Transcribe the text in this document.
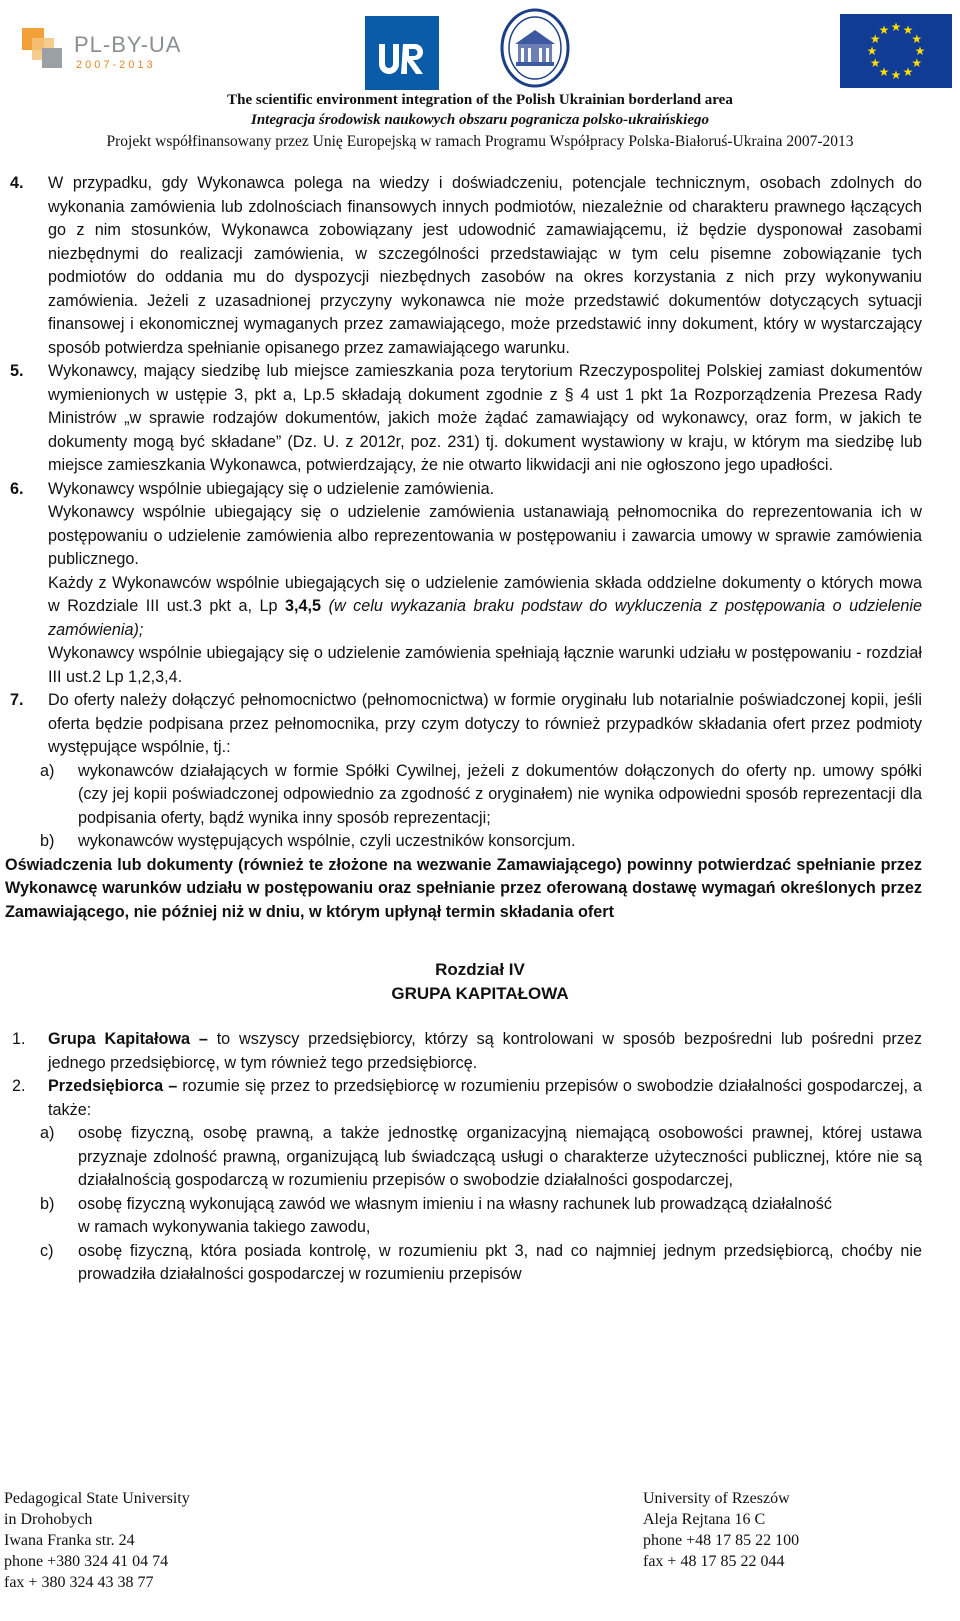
PL-BY-UA
2007-2013
★ ★
★
★
★
★
★
★
★
★
★
★
The scientific environment integration of the Polish Ukrainian borderland area
Integracja środowisk naukowych obszaru pogranicza polsko-ukraińskiego
Projekt współfinansowany przez Unię Europejską w ramach Programu Współpracy Polska-Białoruś-Ukraina 2007-2013
4. W przypadku, gdy Wykonawca polega na wiedzy i doświadczeniu, potencjale technicznym, osobach zdolnych do wykonania zamówienia lub zdolnościach finansowych innych podmiotów, niezależnie od charakteru prawnego łączących go z nim stosunków, Wykonawca zobowiązany jest udowodnić zamawiającemu, iż będzie dysponował zasobami niezbędnymi do realizacji zamówienia, w szczególności przedstawiając w tym celu pisemne zobowiązanie tych podmiotów do oddania mu do dyspozycji niezbędnych zasobów na okres korzystania z nich przy wykonywaniu zamówienia. Jeżeli z uzasadnionej przyczyny wykonawca nie może przedstawić dokumentów dotyczących sytuacji finansowej i ekonomicznej wymaganych przez zamawiającego, może przedstawić inny dokument, który w wystarczający sposób potwierdza spełnianie opisanego przez zamawiającego warunku.

5. Wykonawcy, mający siedzibę lub miejsce zamieszkania poza terytorium Rzeczypospolitej Polskiej zamiast dokumentów wymienionych w ustępie 3, pkt a, Lp.5 składają dokument zgodnie z § 4 ust 1 pkt 1a Rozporządzenia Prezesa Rady Ministrów „w sprawie rodzajów dokumentów, jakich może żądać zamawiający od wykonawcy, oraz form, w jakich te dokumenty mogą być składane” (Dz. U. z 2012r, poz. 231) tj. dokument wystawiony w kraju, w którym ma siedzibę lub miejsce zamieszkania Wykonawca, potwierdzający, że nie otwarto likwidacji ani nie ogłoszono jego upadłości.

6. Wykonawcy wspólnie ubiegający się o udzielenie zamówienia.

Wykonawcy wspólnie ubiegający się o udzielenie zamówienia ustanawiają pełnomocnika do reprezentowania ich w postępowaniu o udzielenie zamówienia albo reprezentowania w postępowaniu i zawarcia umowy w sprawie zamówienia publicznego.

Każdy z Wykonawców wspólnie ubiegających się o udzielenie zamówienia składa oddzielne dokumenty o których mowa w Rozdziale III ust.3 pkt a, Lp 3,4,5 (w celu wykazania braku podstaw do wykluczenia z postępowania o udzielenie zamówienia);

Wykonawcy wspólnie ubiegający się o udzielenie zamówienia spełniają łącznie warunki udziału w postępowaniu - rozdział III ust.2 Lp 1,2,3,4.

7. Do oferty należy dołączyć pełnomocnictwo (pełnomocnictwa) w formie oryginału lub notarialnie poświadczonej kopii, jeśli oferta będzie podpisana przez pełnomocnika, przy czym dotyczy to również przypadków składania ofert przez podmioty występujące wspólnie, tj.:

a) wykonawców działających w formie Spółki Cywilnej, jeżeli z dokumentów dołączonych do oferty np. umowy spółki (czy jej kopii poświadczonej odpowiednio za zgodność z oryginałem) nie wynika odpowiedni sposób reprezentacji dla podpisania oferty, bądź wynika inny sposób reprezentacji;

b) wykonawców występujących wspólnie, czyli uczestników konsorcjum.

Oświadczenia lub dokumenty (również te złożone na wezwanie Zamawiającego) powinny potwierdzać spełnianie przez Wykonawcę warunków udziału w postępowaniu oraz spełnianie przez oferowaną dostawę wymagań określonych przez Zamawiającego, nie później niż w dniu, w którym upłynął termin składania ofert
Rozdział IV
GRUPA KAPITAŁOWA
1. Grupa Kapitałowa – to wszyscy przedsiębiorcy, którzy są kontrolowani w sposób bezpośredni lub pośredni przez jednego przedsiębiorcę, w tym również tego przedsiębiorcę.

2. Przedsiębiorca – rozumie się przez to przedsiębiorcę w rozumieniu przepisów o swobodzie działalności gospodarczej, a także:

a) osobę fizyczną, osobę prawną, a także jednostkę organizacyjną niemającą osobowości prawnej, której ustawa przyznaje zdolność prawną, organizującą lub świadczącą usługi o charakterze użyteczności publicznej, które nie są działalnością gospodarczą w rozumieniu przepisów o swobodzie działalności gospodarczej,

b) osobę fizyczną wykonującą zawód we własnym imieniu i na własny rachunek lub prowadzącą działalność

w ramach wykonywania takiego zawodu,

c) osobę fizyczną, która posiada kontrolę, w rozumieniu pkt 3, nad co najmniej jednym przedsiębiorcą, choćby nie prowadziła działalności gospodarczej w rozumieniu przepisów

Pedagogical State University
in Drohobych
Iwana Franka str. 24
phone +380 324 41 04 74
fax + 380 324 43 38 77
University of Rzeszów
Aleja Rejtana 16 C
phone +48 17 85 22 100
fax + 48 17 85 22 044
